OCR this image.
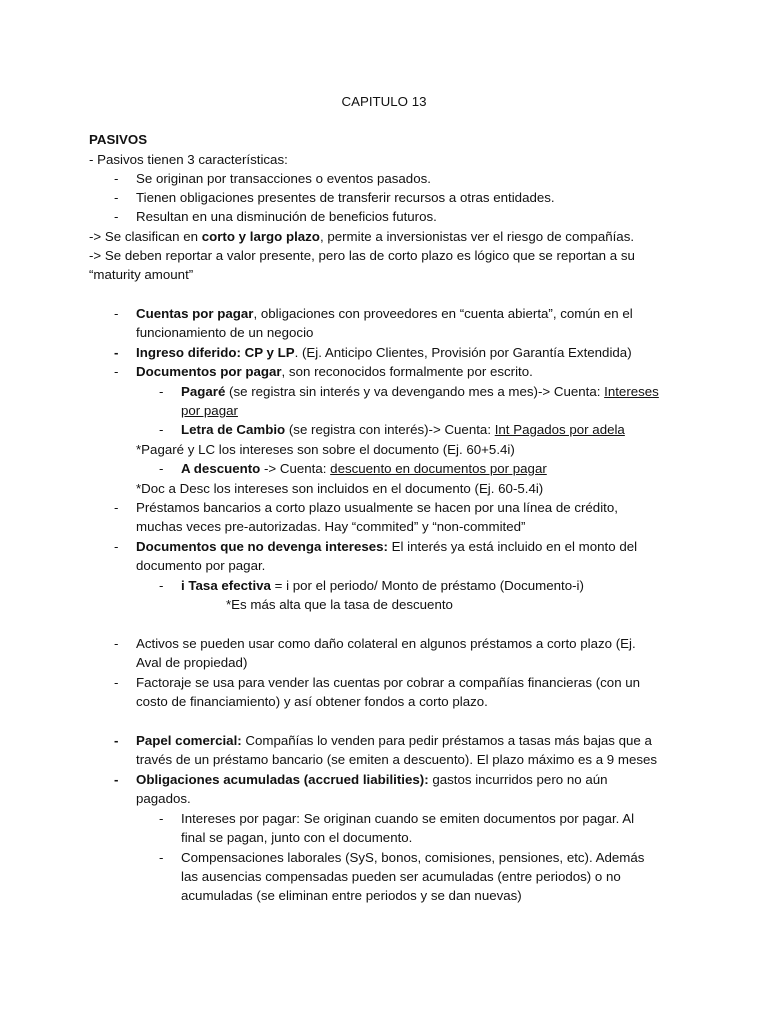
CAPITULO 13
PASIVOS
- Pasivos tienen 3 características:
- Se originan por transacciones o eventos pasados.
- Tienen obligaciones presentes de transferir recursos a otras entidades.
- Resultan en una disminución de beneficios futuros.
-> Se clasifican en corto y largo plazo, permite a inversionistas ver el riesgo de compañías.
-> Se deben reportar a valor presente, pero las de corto plazo es lógico que se reportan a su
“maturity amount”
- Cuentas por pagar, obligaciones con proveedores en “cuenta abierta”, común en el
funcionamiento de un negocio
- Ingreso diferido: CP y LP. (Ej. Anticipo Clientes, Provisión por Garantía Extendida)
- Documentos por pagar, son reconocidos formalmente por escrito.
- Pagaré (se registra sin interés y va devengando mes a mes)-> Cuenta: Intereses
por pagar
- Letra de Cambio (se registra con interés)-> Cuenta: Int Pagados por adela
*Pagaré y LC los intereses son sobre el documento (Ej. 60+5.4i)
- A descuento -> Cuenta: descuento en documentos por pagar
*Doc a Desc los intereses son incluidos en el documento (Ej. 60-5.4i)
- Préstamos bancarios a corto plazo usualmente se hacen por una línea de crédito,
muchas veces pre-autorizadas. Hay “commited” y “non-commited”
- Documentos que no devenga intereses: El interés ya está incluido en el monto del
documento por pagar.
- i Tasa efectiva = i por el periodo/ Monto de préstamo (Documento-i)
*Es más alta que la tasa de descuento
- Activos se pueden usar como daño colateral en algunos préstamos a corto plazo (Ej.
Aval de propiedad)
- Factoraje se usa para vender las cuentas por cobrar a compañías financieras (con un
costo de financiamiento) y así obtener fondos a corto plazo.
- Papel comercial: Compañías lo venden para pedir préstamos a tasas más bajas que a
través de un préstamo bancario (se emiten a descuento). El plazo máximo es a 9 meses
- Obligaciones acumuladas (accrued liabilities): gastos incurridos pero no aún
pagados.
- Intereses por pagar: Se originan cuando se emiten documentos por pagar. Al
final se pagan, junto con el documento.
- Compensaciones laborales (SyS, bonos, comisiones, pensiones, etc). Además
las ausencias compensadas pueden ser acumuladas (entre periodos) o no
acumuladas (se eliminan entre periodos y se dan nuevas)
